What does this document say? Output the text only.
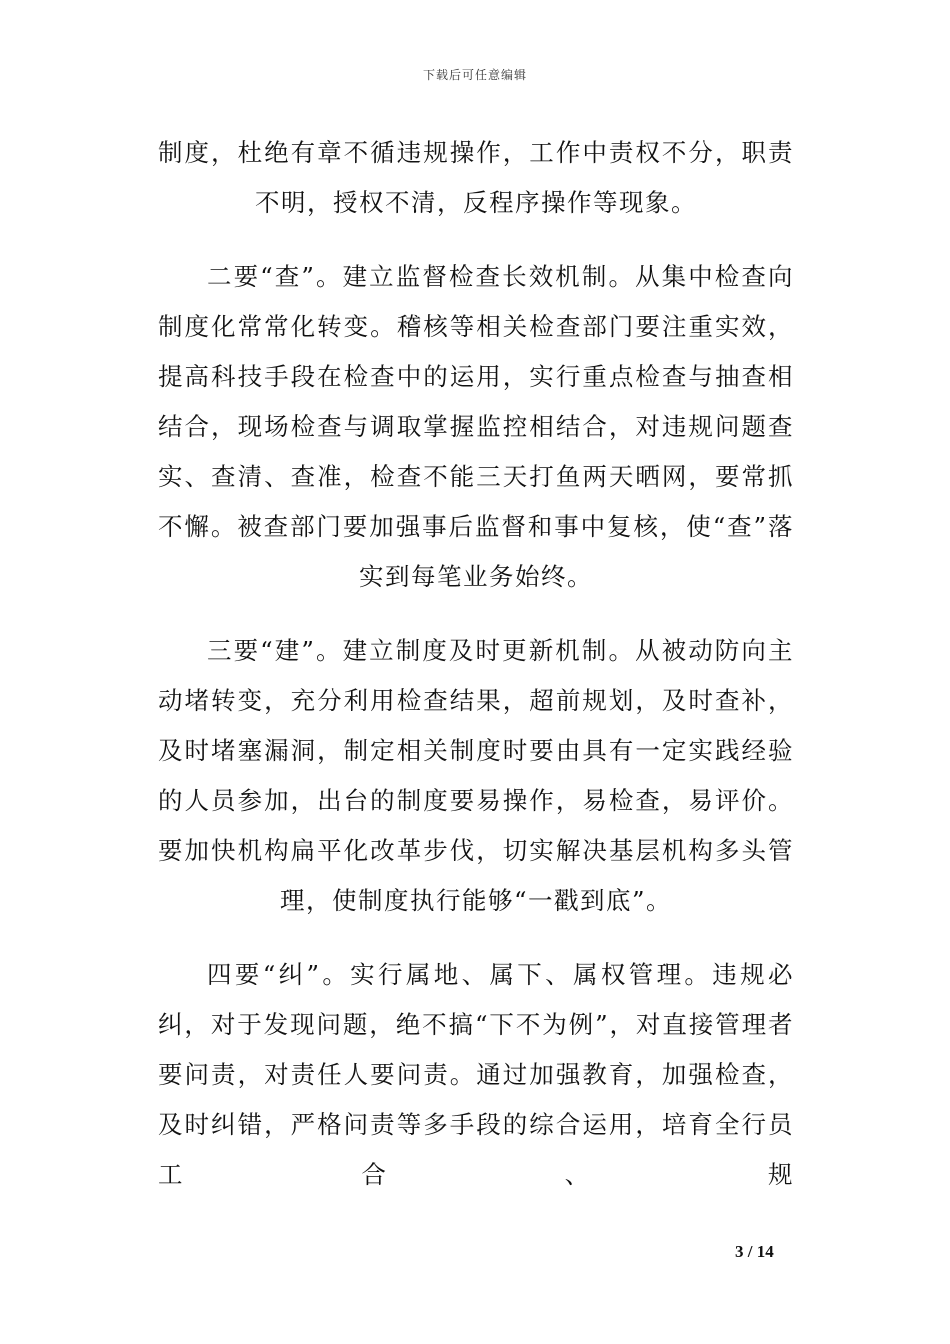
下载后可任意编辑

制度，杜绝有章不循违规操作，工作中责权不分，职责不明，授权不清，反程序操作等现象。

二要“查”。建立监督检查长效机制。从集中检查向制度化常常化转变。稽核等相关检查部门要注重实效，提高科技手段在检查中的运用，实行重点检查与抽查相结合，现场检查与调取掌握监控相结合，对违规问题查实、查清、查准，检查不能三天打鱼两天晒网，要常抓不懈。被查部门要加强事后监督和事中复核，使“查”落实到每笔业务始终。

三要“建”。建立制度及时更新机制。从被动防向主动堵转变，充分利用检查结果，超前规划，及时查补，及时堵塞漏洞，制定相关制度时要由具有一定实践经验的人员参加，出台的制度要易操作，易检查，易评价。要加快机构扁平化改革步伐，切实解决基层机构多头管理，使制度执行能够“一戳到底”。

四要“纠”。实行属地、属下、属权管理。违规必纠，对于发现问题，绝不搞“下不为例”，对直接管理者要问责，对责任人要问责。通过加强教育，加强检查，及时纠错，严格问责等多手段的综合运用，培育全行员工合、规

3 / 14
